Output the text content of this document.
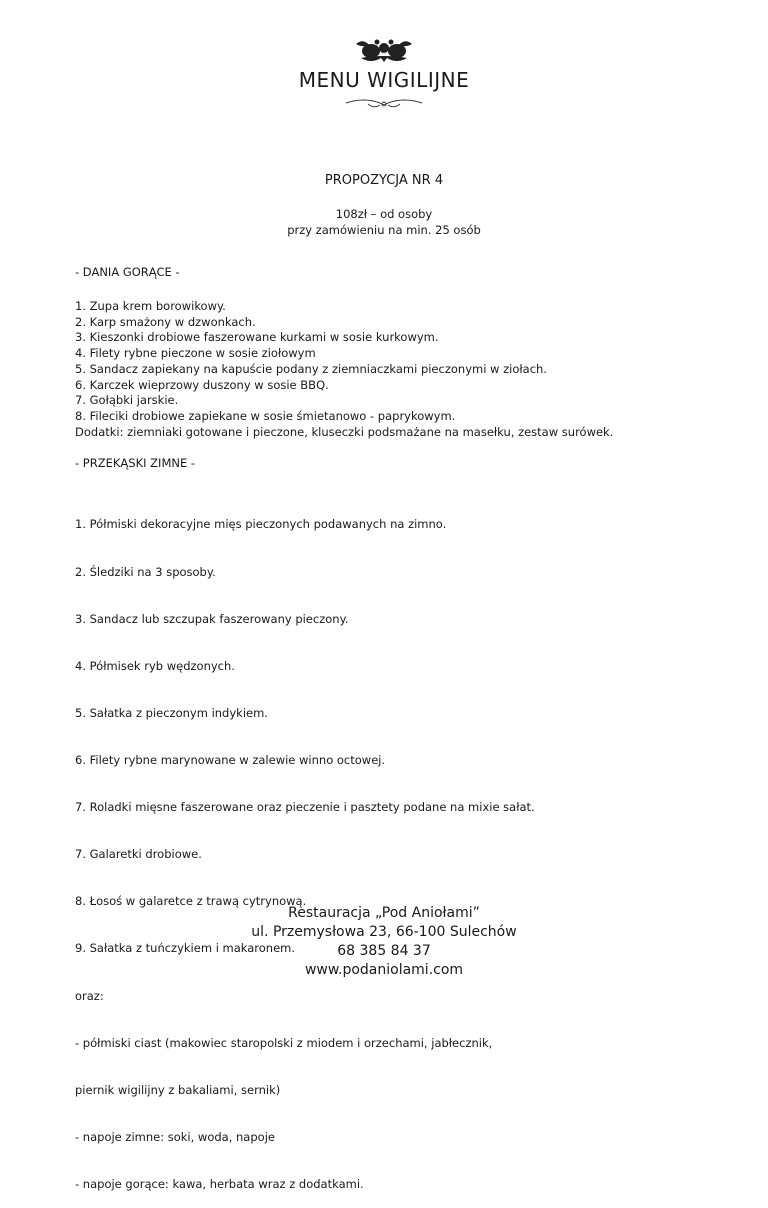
MENU WIGILIJNE
PROPOZYCJA NR 4
108zł – od osoby
przy zamówieniu na min. 25 osób
- DANIA GORĄCE -
1. Zupa krem borowikowy.
2. Karp smażony w dzwonkach.
3. Kieszonki drobiowe faszerowane kurkami w sosie kurkowym.
4. Filety rybne pieczone w sosie ziołowym
5. Sandacz zapiekany na kapuście podany z ziemniaczkami pieczonymi w ziołach.
6. Karczek wieprzowy duszony w sosie BBQ.
7. Gołąbki jarskie.
8. Fileciki drobiowe zapiekane w sosie śmietanowo - paprykowym.
Dodatki: ziemniaki gotowane i pieczone, kluseczki podsmażane na masełku, zestaw surówek.
- PRZEKĄSKI ZIMNE -

1. Półmiski dekoracyjne mięs pieczonych podawanych na zimno.

2. Śledziki na 3 sposoby.

3. Sandacz lub szczupak faszerowany pieczony.

4. Półmisek ryb wędzonych.

5. Sałatka z pieczonym indykiem.

6. Filety rybne marynowane w zalewie winno octowej.

7. Roladki mięsne faszerowane oraz pieczenie i pasztety podane na mixie sałat.

7. Galaretki drobiowe.

8. Łosoś w galaretce z trawą cytrynową.

9. Sałatka z tuńczykiem i makaronem.

oraz:

- półmiski ciast (makowiec staropolski z miodem i orzechami, jabłecznik,

piernik wigilijny z bakaliami, sernik)

- napoje zimne: soki, woda, napoje

- napoje gorące: kawa, herbata wraz z dodatkami.

Restauracja „Pod Aniołami”
ul. Przemysłowa 23, 66-100 Sulechów
68 385 84 37
www.podaniolami.com
